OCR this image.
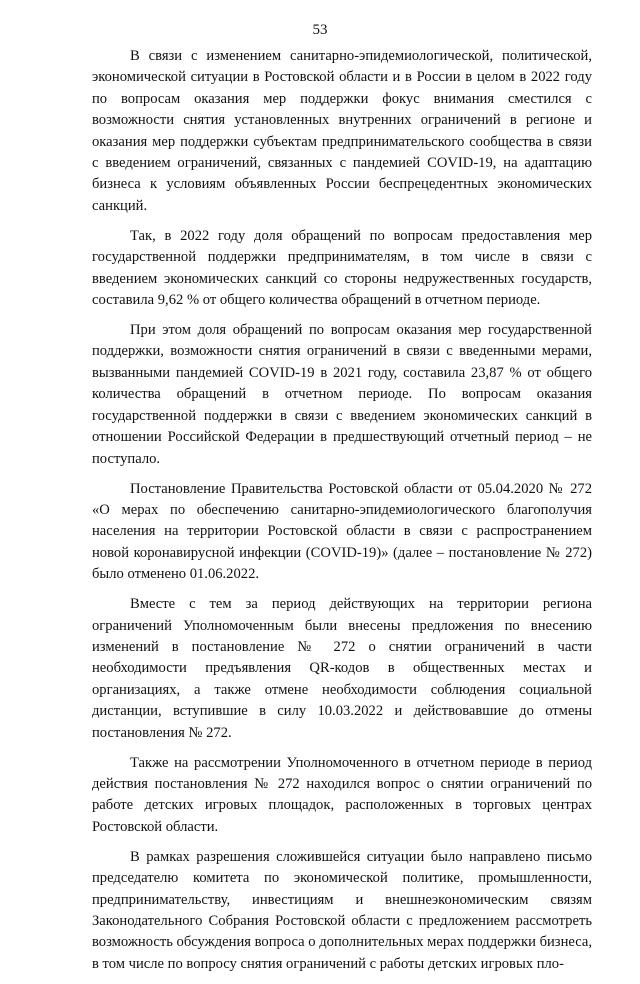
53

В связи с изменением санитарно-эпидемиологической, политической, экономической ситуации в Ростовской области и в России в целом в 2022 году по вопросам оказания мер поддержки фокус внимания сместился с возможности снятия установленных внутренних ограничений в регионе и оказания мер поддержки субъектам предпринимательского сообщества в связи с введением ограничений, связанных с пандемией COVID-19, на адаптацию бизнеса к условиям объявленных России беспрецедентных экономических санкций.

Так, в 2022 году доля обращений по вопросам предоставления мер государственной поддержки предпринимателям, в том числе в связи с введением экономических санкций со стороны недружественных государств, составила 9,62 % от общего количества обращений в отчетном периоде.

При этом доля обращений по вопросам оказания мер государственной поддержки, возможности снятия ограничений в связи с введенными мерами, вызванными пандемией COVID-19 в 2021 году, составила 23,87 % от общего количества обращений в отчетном периоде. По вопросам оказания государственной поддержки в связи с введением экономических санкций в отношении Российской Федерации в предшествующий отчетный период – не поступало.

Постановление Правительства Ростовской области от 05.04.2020 № 272 «О мерах по обеспечению санитарно-эпидемиологического благополучия населения на территории Ростовской области в связи с распространением новой коронавирусной инфекции (COVID-19)» (далее – постановление № 272) было отменено 01.06.2022.

Вместе с тем за период действующих на территории региона ограничений Уполномоченным были внесены предложения по внесению изменений в постановление № 272 о снятии ограничений в части необходимости предъявления QR-кодов в общественных местах и организациях, а также отмене необходимости соблюдения социальной дистанции, вступившие в силу 10.03.2022 и действовавшие до отмены постановления № 272.

Также на рассмотрении Уполномоченного в отчетном периоде в период действия постановления № 272 находился вопрос о снятии ограничений по работе детских игровых площадок, расположенных в торговых центрах Ростовской области.

В рамках разрешения сложившейся ситуации было направлено письмо председателю комитета по экономической политике, промышленности, предпринимательству, инвестициям и внешнеэкономическим связям Законодательного Собрания Ростовской области с предложением рассмотреть возможность обсуждения вопроса о дополнительных мерах поддержки бизнеса, в том числе по вопросу снятия ограничений с работы детских игровых пло-
